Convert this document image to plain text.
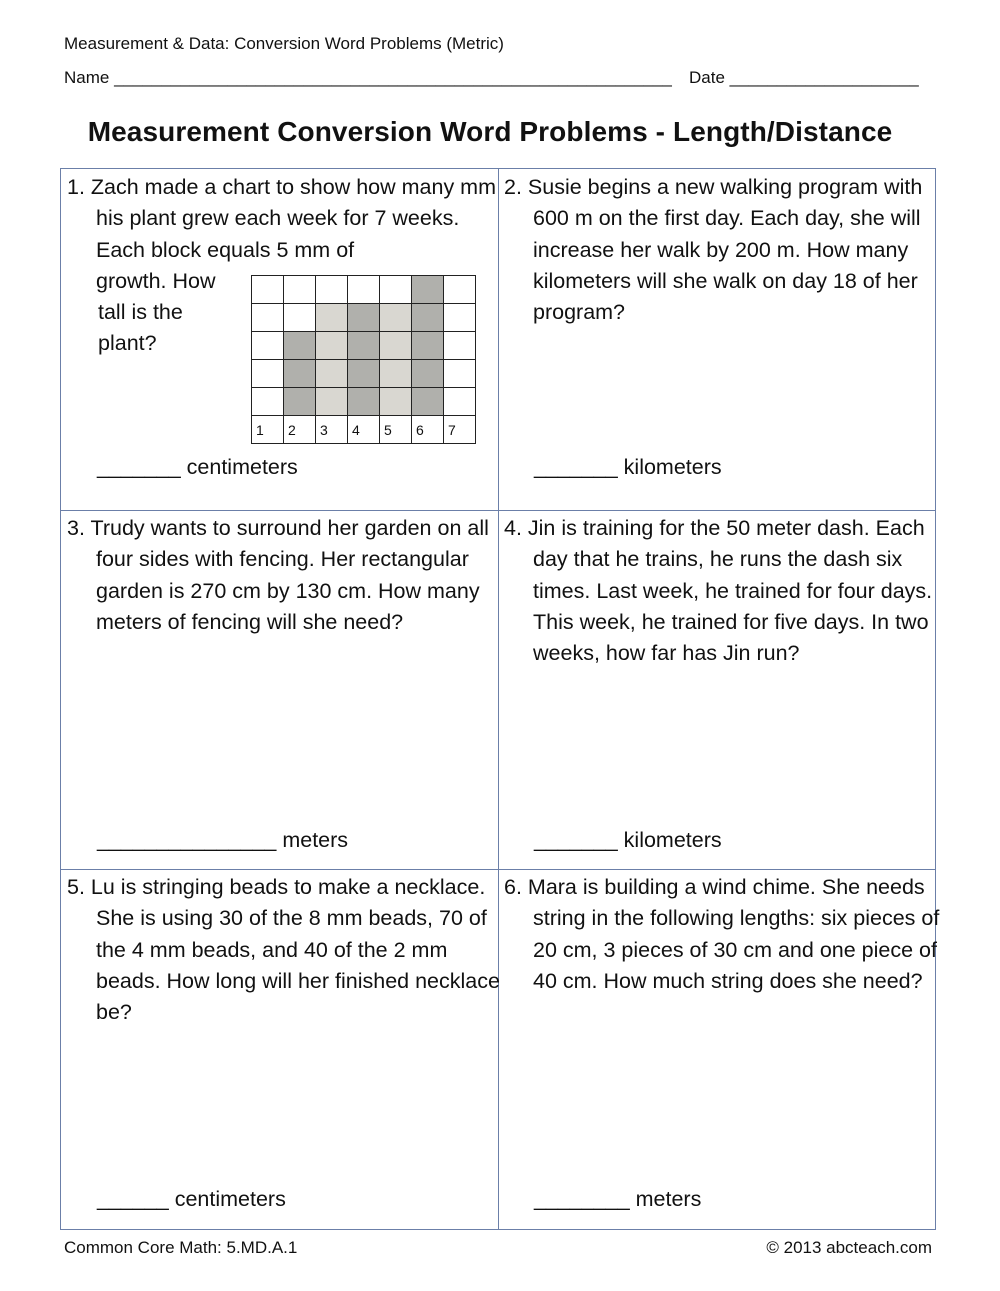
Measurement & Data: Conversion Word Problems (Metric)
Name ___________________________________________________________ Date ____________________
Measurement Conversion Word Problems - Length/Distance
1. Zach made a chart to show how many mm his plant grew each week for 7 weeks. Each block equals 5 mm of
growth. How
tall is the
plant?

1	2	3	4	5	6	7
_______ centimeters
2. Susie begins a new walking program with 600 m on the first day. Each day, she will increase her walk by 200 m. How many kilometers will she walk on day 18 of her program?
_______ kilometers
3. Trudy wants to surround her garden on all four sides with fencing. Her rectangular garden is 270 cm by 130 cm. How many meters of fencing will she need?
_______________ meters
4. Jin is training for the 50 meter dash. Each day that he trains, he runs the dash six times. Last week, he trained for four days. This week, he trained for five days. In two weeks, how far has Jin run?
_______ kilometers
5. Lu is stringing beads to make a necklace. She is using 30 of the 8 mm beads, 70 of the 4 mm beads, and 40 of the 2 mm beads. How long will her finished necklace be?
______ centimeters
6. Mara is building a wind chime. She needs string in the following lengths: six pieces of 20 cm, 3 pieces of 30 cm and one piece of 40 cm. How much string does she need?
________ meters
Common Core Math: 5.MD.A.1	© 2013 abcteach.com
